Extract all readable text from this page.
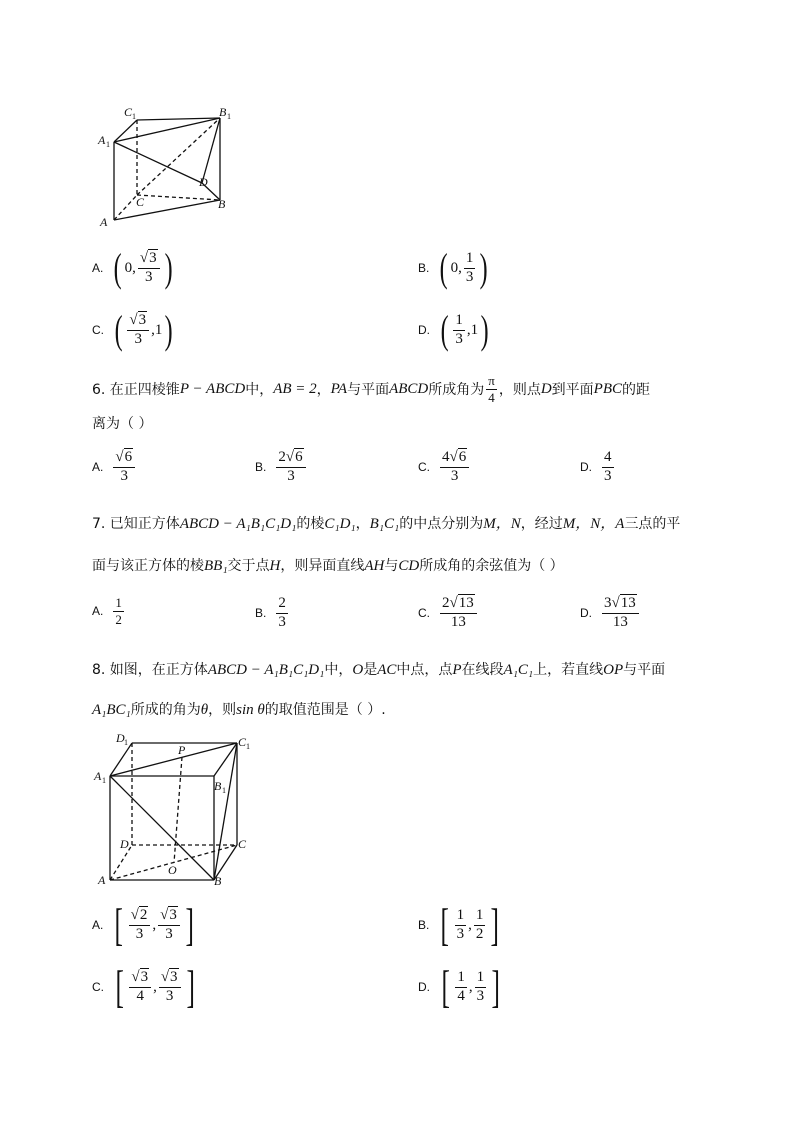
C 1	B 1
A 1
D
C
A
B
A. ( 0, $\frac{√3}{3}$ )	B. ( 0, $\frac{1}{3}$ )
C. ( $\frac{√3}{3} ,1$ )	D. ( $\frac{1}{3} ,1$ )
6. 在正四棱锥 P − ABCD 中， AB = 2 ， PA 与平面 ABCD 所成角为 $\frac{\pi}{4}$ ，则点 D 到平面 PBC 的距
离为（ ）
A. $\frac{√6}{3}$	B. $\frac{2√6}{3}$	C. $\frac{4√6}{3}$	D. $\frac{4}{3}$
7. 已知正方体ABCD − A₁B₁C₁D₁的棱C₁D₁，B₁C₁的中点分别为M，N，经过M，N，A三点的平
面与该正方体的棱BB₁交于点H，则异面直线AH与CD所成角的余弦值为（ ）
A. $\frac{1}{2}$	B. $\frac{2}{3}$	C. $\frac{2√13}{13}$	D. $\frac{3√13}{13}$
8. 如图，在正方体ABCD − A₁B₁C₁D₁中，O是AC中点，点P在线段A₁C₁上，若直线OP与平面
A₁BC₁所成的角为θ，则sin θ的取值范围是（ ）.
D 1
P
C 1
A 1	B 1
D	C
O
A	B
A. [ $\frac{√2}{3}$ , $\frac{√3}{3}$ ]	B. [ $\frac{1}{3}$ , $\frac{1}{2}$ ]
C. [ $\frac{√3}{4}$ , $\frac{√3}{3}$ ]	D. [ $\frac{1}{4}$ , $\frac{1}{3}$ ]
